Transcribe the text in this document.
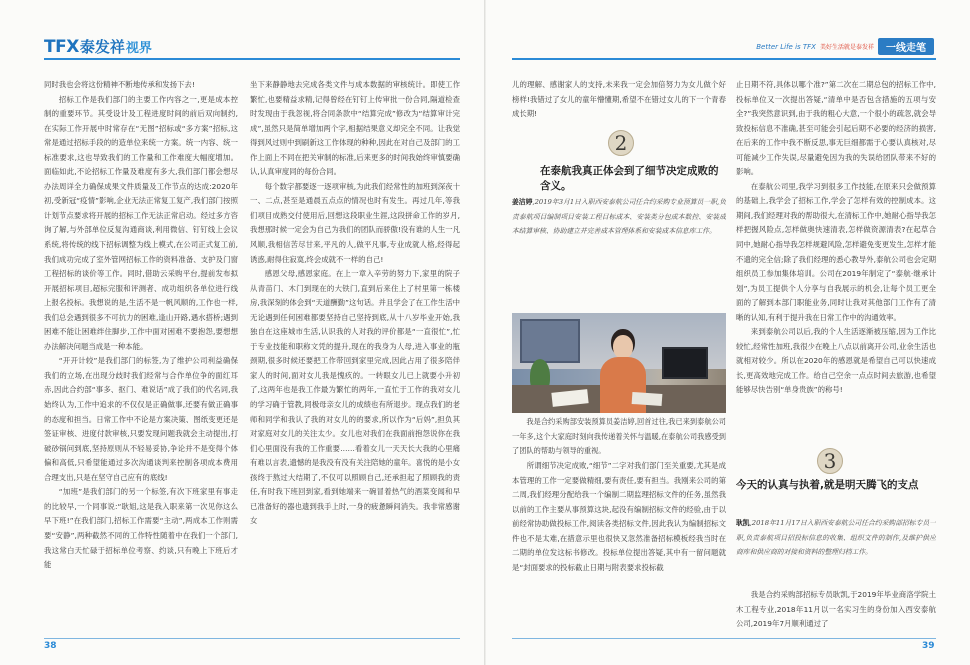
TFX 泰发祥 视界	Better Life is TFX 美好生活就是泰发祥	一线走笔

同时我也会将这份精神不断地传承和发扬下去!

招标工作是我们部门的主要工作内容之一,更是成本控制的重要环节。其受设计及工程进度时间的前后双向制约,在实际工作开展中时常存在“无图”招标或“多方案”招标,这常是通过招标手段的的造单位来统一方案。统一内容、统一标准要求,这也导致我们的工作量和工作难度大幅度增加。面临如此,不论招标工作量及难度有多大,我们部门都会想尽办法周详全力确保成果文件质量及工作节点的达成:2020年初,受新冠“疫情”影响,企业无法正常复工复产,我们部门按照计划节点要求将开展的招标工作无法正常启动。经过多方咨询了解,与外部单位反复沟通商谈,利用微信、钉钉线上会议系统,将传统的线下招标调整为线上模式,在公司正式复工前,我们成功完成了室外管网招标工作的资料准备、支护及门窗工程招标的谈价等工作。同时,借助云采购平台,提前发布拟开展招标项目,超标完服和评测者、成功组织各单位进行线上报名投标。我想说的是,生活不是一帆风顺的,工作也一样,我们总会遇到很多不可抗力的困难,逢山开路,遇水搭桥;遇到困难不能让困难绊住脚步,工作中面对困难不要抱怨,要想想办法解决问题当成是一种本能。

“开开计较”是我们部门的标签,为了维护公司利益确保我们的立场,在出现分歧时我们经常与合作单位争的面红耳赤,因此合约部“事多、抠门、难说话”成了我们的代名词,我始终认为,工作中追求的不仅仅是正确做事,还要有做正确事的态度和担当。日常工作中不论是方案决策、图纸变更还是签证审核、进度付款审核,只要发现问题我就会主动提出,打破砂锅问到底,坚持原则从不轻易妥协,争论并不是变得个体偏和高低,只希望能通过多次沟通谈判来控制各项成本费用合理支出,只是在坚守自己应有的底线!

“加班”是我们部门的另一个标签,有次下班家里有事走的比较早,一个同事说:“耿姐,这是我入职来第一次见你这么早下班!”在我们部门,招标工作需要“主动”,两成本工作则需要“安静”,两种截然不同的工作特性随着中在我们一个部门,我这常白天忙碌于招标单位考察、约谈,只有晚上下班后才能

坐下来静静地去完成各类文件与成本数据的审核统计。即使工作繁忙,也要精益求精,记得曾经在钉钉上传审批一份合同,隔道检查时发现由于我忽视,将合同条款中“结算完成”修改为“结算审计完成”,虽然只是简单增加两个字,相据结果意义却完全不同。让我觉得到风过则中到刷新这工作体现的种种,因此在对自己及部门的工作上面上不同在把关审制的标准,后来更多的时间我始终审慎要确认,认真审度同的每份合同。

每个数字都要逐一逐项审核,为此我们经常性的加班到深夜十一、二点,甚至是通晨五点点的情况也时有发生。再过几年,等我们项目成熟交付使用后,回想这段职业生涯,这段拼命工作的岁月,我想那时候一定会为自己为我们的团队而骄傲!没有谁的人生一凡风顺,我相信苦尽甘来,平凡的人,做平凡事,专业成就人格,经得起诱惑,耐得住寂寞,终会成就不一样的自己!

感恩父母,感恩家庭。在上一章入辛劳的努力下,家里的院子从青苗门、木门到现在的大铁门,直到后来住上了村里第一栋楼房,我深刻的体会到“天道酬勤”这句话。并且学会了在工作生活中无论遇到任何困难都要坚持自己坚持到底,从十八岁毕业开始,我独自在这座城市生活,认识我的人对我的评价都是“一直很忙”,忙于专业技能和职称文凭的提升,现在的我身为人母,进入事业的瓶颈期,很多时候还要把工作带回到家里完成,因此占用了很多陪伴家人的时间,面对女儿我是愧疚的。一转眼女儿已上就要小升初了,这两年也是我工作最为繁忙的两年,一直忙于工作的我对女儿的学习确于管教,同极母亲女儿的成绩也有所退步。现点我们的老师和同学和我认了我的对女儿的的要求,所以作为“后妈”,担负其对家庭对女儿的关注太少。女儿也对我们在我面前抱怨说你在我们心里面没有我的工作重要……看着女儿一天天长大我的心里痛有难以言表,遗憾的是我没有没有关注陪她的童年。喜悦的是小女孩终于熬过大结期了,不仅可以照顾自己,还承担起了照顾我的责任,有时我下班回到家,看到她端来一碗冒着热气的酒菜变闻和早已准备好的器也遗到我手上时,一身的疲惫瞬间消失。我非常感谢女

儿的理解、感谢家人的支持,未来我一定会加倍努力为女儿做个好榜样!我错过了女儿的童年懵懂期,希望不在错过女儿的下一个青春成长期!

2
在泰航我真正体会到了细节决定成败的含义。
姜洁婷,2019年3月1日入职西安泰航公司任合约采购专业预算员一职,负责泰航项目编制项目安装工程目标成本、安装类分包成本数控、安装成本结算审核、协助建立并完善成本管理体系和安装成本信息库工作。

我是合约采购部安装预算员姜洁婷,回首过往,我已来到泰航公司一年多,这个大家庭时刻向我传递着关怀与温暖,在泰航公司我感受到了团队的帮助与领导的重视。

所谓细节决定成败,“细节”二字对我们部门至关重要,尤其是成本管理的工作一定要做精细,要有责任,要有担当。我刚来公司的第二周,我们经理分配给我一个编制二期监理招标文件的任务,虽然我以前的工作主要从事预算这块,起没有编制招标文件的经验,由于以前经常协助做投标工作,阅读各类招标文件,因此我认为编制招标文件也不是太难,在措意示里也很快又忽然准备招标模板经我当时在二期的单位发这标书修改。投标单位提出答疑,其中有一留问题就是“封面要求的投标截止日期与附表要求投标截

止日期不符,具体以哪个准?”第二次在二期总包的招标工作中,投标单位又一次提出答疑,“清单中是否包含措施的五项与安全?”我突然意识到,由于我的粗心大意,一个很小的疏忽,就会导致投标信息不准确,甚至可能会引起后期不必要的经济的损害,在后来的工作中我不断反思,事无巨细都需于心要认真核对,尽可能减少工作失误,尽量避免因为我的失误给团队带来不好的影响。

在泰航公司里,我学习到很多工作技能,在原来只会做预算的基础上,我学会了招标工作,学会了怎样有效的控制成本。这期间,我们经理对我的帮助很大,在清标工作中,她耐心指导我怎样把握风险点,怎样做奥快速清表,怎样做资源清表?在起草合同中,她耐心指导我怎样规避风险,怎样避免变更发生,怎样才能不遗的完全信;除了我们经理的悉心教导外,泰航公司也会定期组织员工参加集体培训。公司在2019年制定了“泰航·继承计划”,为员工提供个人分享与自我展示的机会,让每个员工更全面的了解到本部门职能业务,同时让我对其他部门工作有了清晰的认知,有利于提升我在日常工作中的沟通效率。

来到泰航公司以后,我的个人生活逐渐被压缩,因为工作比较忙,经常性加班,我很少在晚上八点以前离开公司,业余生活也就相对较少。所以在2020年的感恩就是希望自己可以快速成长,更高效地完成工作。给自己空余一点点时间去旅游,也希望能够尽快告别“单身贵族”的称号!

3
今天的认真与执着,就是明天腾飞的支点
耿凯,2018年11月17日入职西安泰航公司任合约采购部招标专员一职,负责泰航项目招投标信息的收集、组织文件的制作,及维护供应商库和供应商的对接和资料的整理归档工作。

我是合约采购部招标专员耿凯,于2019年毕业商洛学院土木工程专业,2018年11月以一名实习生的身份加入西安泰航公司,2019年7月顺利通过了

38	39
